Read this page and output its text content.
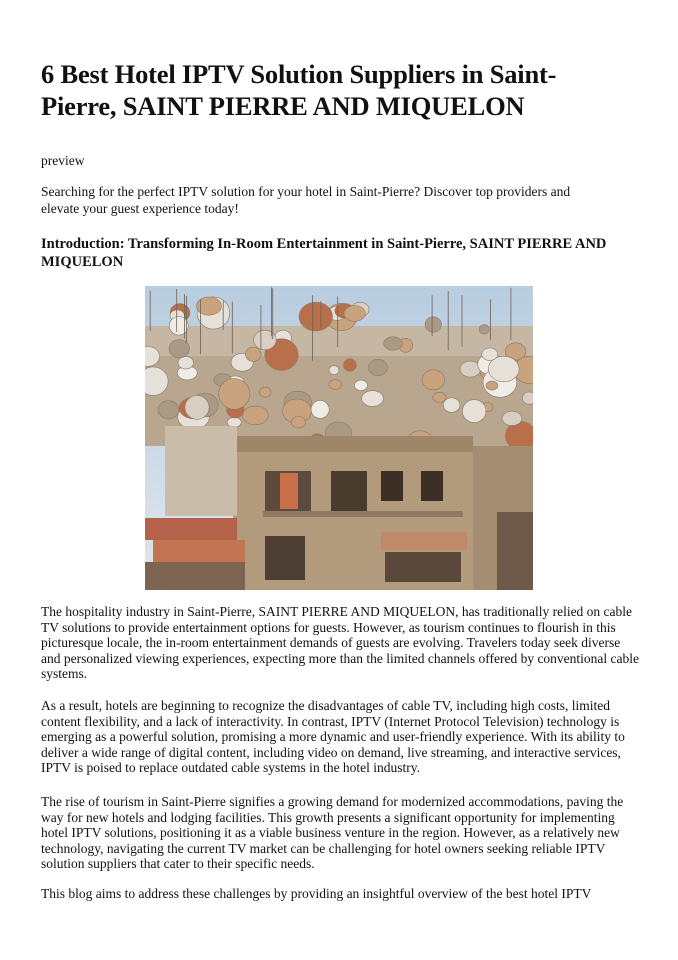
6 Best Hotel IPTV Solution Suppliers in Saint-Pierre, SAINT PIERRE AND MIQUELON

preview

Searching for the perfect IPTV solution for your hotel in Saint-Pierre? Discover top providers and elevate your guest experience today!

Introduction: Transforming In-Room Entertainment in Saint-Pierre, SAINT PIERRE AND MIQUELON

The hospitality industry in Saint-Pierre, SAINT PIERRE AND MIQUELON, has traditionally relied on cable TV solutions to provide entertainment options for guests. However, as tourism continues to flourish in this picturesque locale, the in-room entertainment demands of guests are evolving. Travelers today seek diverse and personalized viewing experiences, expecting more than the limited channels offered by conventional cable systems.

As a result, hotels are beginning to recognize the disadvantages of cable TV, including high costs, limited content flexibility, and a lack of interactivity. In contrast, IPTV (Internet Protocol Television) technology is emerging as a powerful solution, promising a more dynamic and user-friendly experience. With its ability to deliver a wide range of digital content, including video on demand, live streaming, and interactive services, IPTV is poised to replace outdated cable systems in the hotel industry.

The rise of tourism in Saint-Pierre signifies a growing demand for modernized accommodations, paving the way for new hotels and lodging facilities. This growth presents a significant opportunity for implementing hotel IPTV solutions, positioning it as a viable business venture in the region. However, as a relatively new technology, navigating the current TV market can be challenging for hotel owners seeking reliable IPTV solution suppliers that cater to their specific needs.

This blog aims to address these challenges by providing an insightful overview of the best hotel IPTV
